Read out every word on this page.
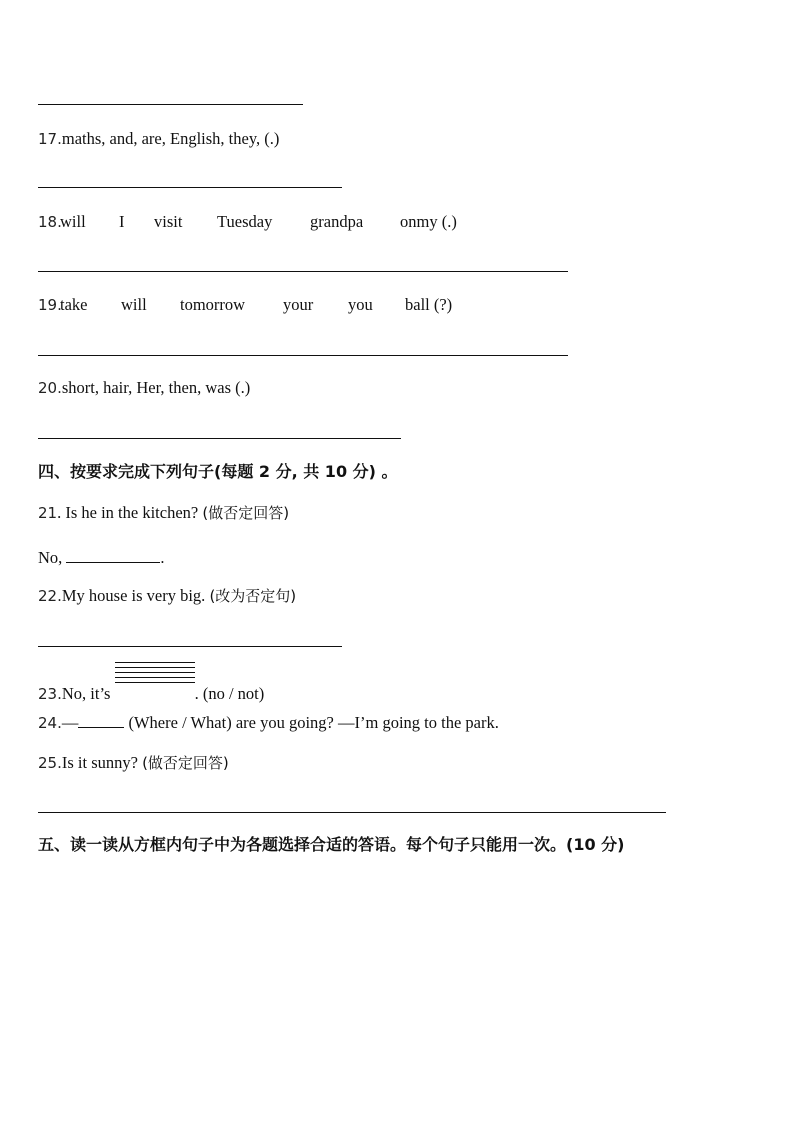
17.maths, and, are, English, they, (.)
18.
will I visit Tuesday grandpa onmy (.)
19.
take will tomorrow your you ball (?)
20.short, hair, Her, then, was (.)
四、按要求完成下列句子(每题 2 分, 共 10 分) 。
21. Is he in the kitchen? (做否定回答)
No,	.
22.My house is very big. (改为否定句)
23.No, it’s	. (no / not)
24.—	(Where / What) are you going? —I’m going to the park.
25.Is it sunny? (做否定回答)
五、读一读从方框内句子中为各题选择合适的答语。每个句子只能用一次。(10 分)
